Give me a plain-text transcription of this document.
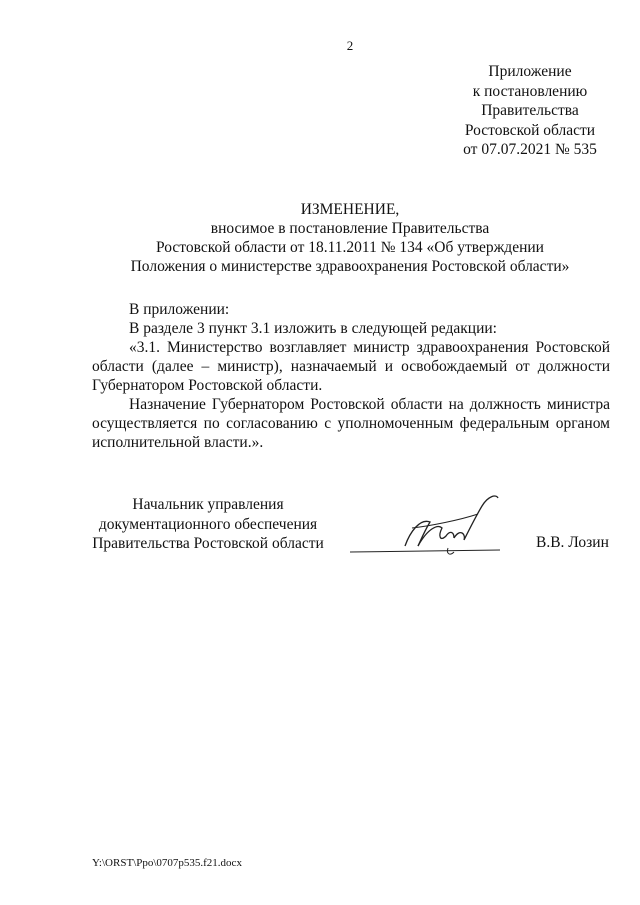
2
Приложение
к постановлению
Правительства
Ростовской области
от 07.07.2021 № 535
ИЗМЕНЕНИЕ,
вносимое в постановление Правительства
Ростовской области от 18.11.2011 № 134 «Об утверждении
Положения о министерстве здравоохранения Ростовской области»

В приложении:

В разделе 3 пункт 3.1 изложить в следующей редакции:

«3.1. Министерство возглавляет министр здравоохранения Ростовской области (далее – министр), назначаемый и освобождаемый от должности Губернатором Ростовской области.

Назначение Губернатором Ростовской области на должность министра осуществляется по согласованию с уполномоченным федеральным органом исполнительной власти.».

Начальник управления
документационного обеспечения
Правительства Ростовской области	В.В. Лозин
Y:\ORST\Ppo\0707p535.f21.docx
